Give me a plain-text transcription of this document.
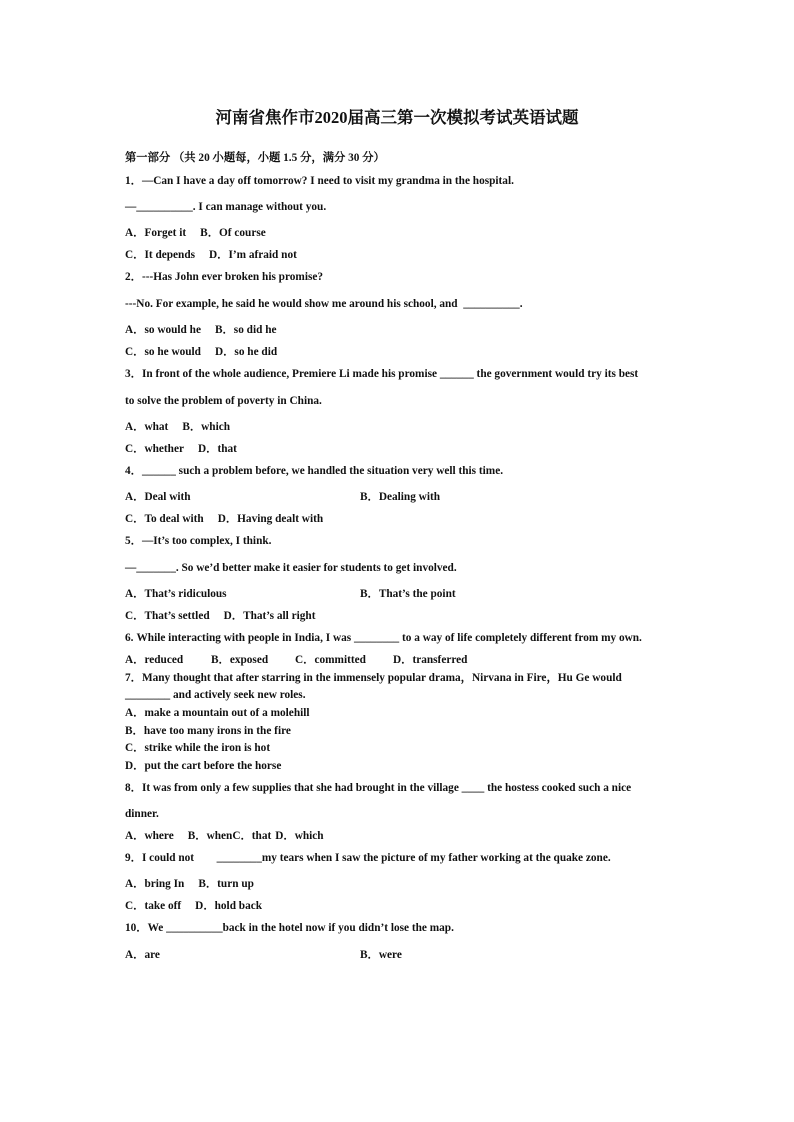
河南省焦作市2020届高三第一次模拟考试英语试题
第一部分 （共 20 小题每，小题 1.5 分，满分 30 分）
1．—Can I have a day off tomorrow? I need to visit my grandma in the hospital.
—__________. I can manage without you.
A．Forget it B．Of course
C．It depends D．I’m afraid not
2．---Has John ever broken his promise?
---No. For example, he said he would show me around his school, and  __________.
A．so would he B．so did he
C．so he would D．so he did
3．In front of the whole audience, Premiere Li made his promise ______ the government would try its best
to solve the problem of poverty in China.
A．what B．which
C．whether D．that
4．______ such a problem before, we handled the situation very well this time.
A．Deal with	B．Dealing with
C．To deal with D．Having dealt with
5．—It’s too complex, I think.
—_______. So we’d better make it easier for students to get involved.
A．That’s ridiculous	B．That’s the point
C．That’s settled D．That’s all right
6. While interacting with people in India, I was ________ to a way of life completely different from my own.
A．reduced B．exposed C．committed D．transferred
7．Many thought that after starring in the immensely popular drama，Nirvana in Fire，Hu Ge would
________ and actively seek new roles.
A．make a mountain out of a molehill
B．have too many irons in the fire
C．strike while the iron is hot
D．put the cart before the horse
8．It was from only a few supplies that she had brought in the village ____ the hostess cooked such a nice
dinner.
A．where B．whenC．that D．which
9．I could not        ________my tears when I saw the picture of my father working at the quake zone.
A．bring In B．turn up
C．take off D．hold back
10．We __________back in the hotel now if you didn’t lose the map.
A．are	B．were
